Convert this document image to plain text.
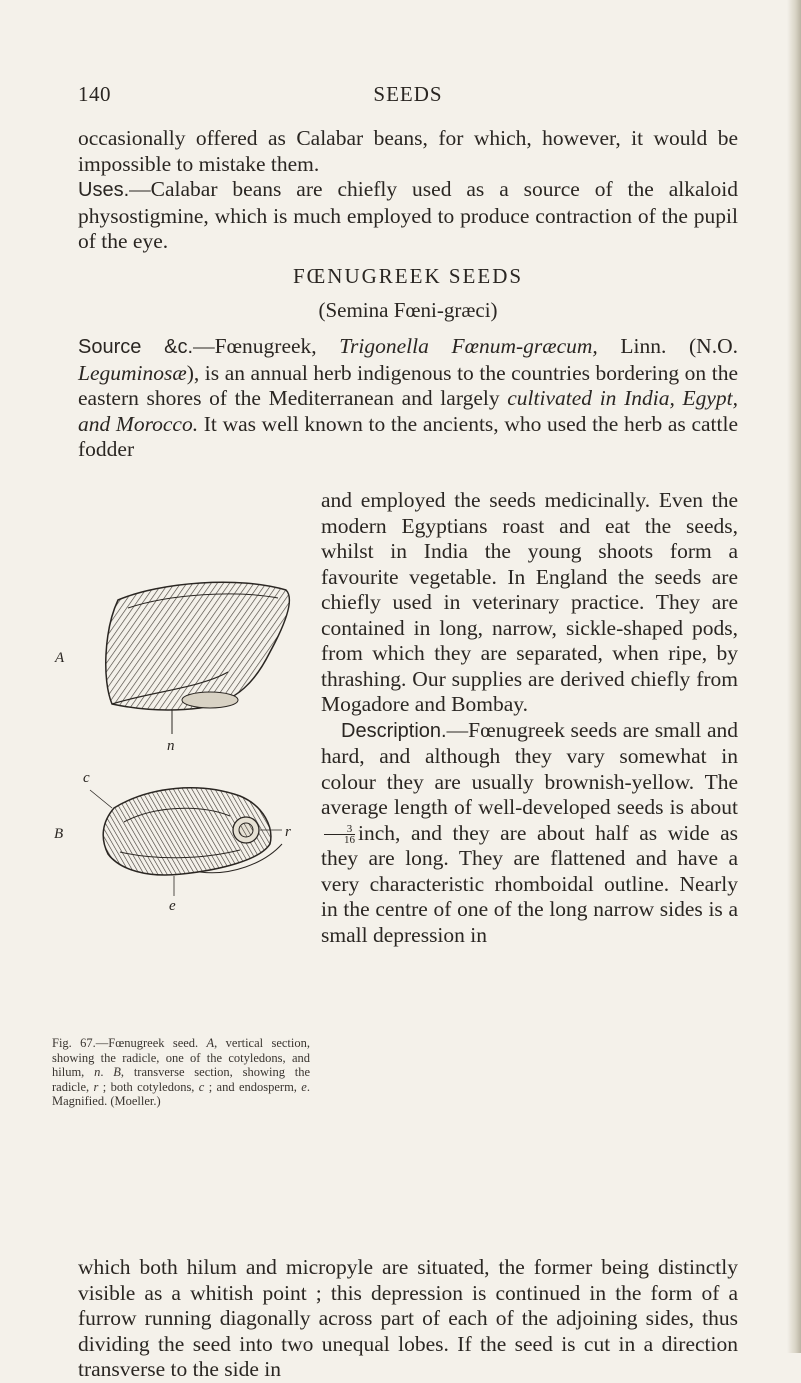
140	SEEDS

occasionally offered as Calabar beans, for which, however, it would be impossible to mistake them.

Uses.—Calabar beans are chiefly used as a source of the alkaloid physostigmine, which is much employed to produce contraction of the pupil of the eye.

FŒNUGREEK SEEDS
(Semina Fœni-græci)

Source &c.—Fœnugreek, Trigonella Fœnum-græcum, Linn. (N.O. Leguminosæ), is an annual herb indigenous to the countries bordering on the eastern shores of the Mediterranean and largely cultivated in India, Egypt, and Morocco. It was well known to the ancients, who used the herb as cattle fodder

and employed the seeds medicinally. Even the modern Egyptians roast and eat the seeds, whilst in India the young shoots form a favourite vegetable. In England the seeds are chiefly used in veterinary practice. They are contained in long, narrow, sickle-shaped pods, from which they are separated, when ripe, by thrashing. Our supplies are derived chiefly from Mogadore and Bombay.

Description.—Fœnugreek seeds are small and hard, and although they vary somewhat in colour they are usually brownish-yellow. The average length of well-developed seeds is about
$\frac{3}{16}$ inch, and they are about half as wide as they are long. They are flattened and have a very characteristic rhomboidal outline. Nearly in the centre of one of the long narrow sides is a small depression in

A
n
c
B	r
e
Fig. 67.—Fœnugreek seed. A, vertical section, showing the radicle, one of the cotyledons, and hilum, n. B, transverse section, showing the radicle, r ; both cotyledons, c ; and endosperm, e. Magnified. (Moeller.)

which both hilum and micropyle are situated, the former being distinctly visible as a whitish point ; this depression is continued in the form of a furrow running diagonally across part of each of the adjoining sides, thus dividing the seed into two unequal lobes. If the seed is cut in a direction transverse to the side in
